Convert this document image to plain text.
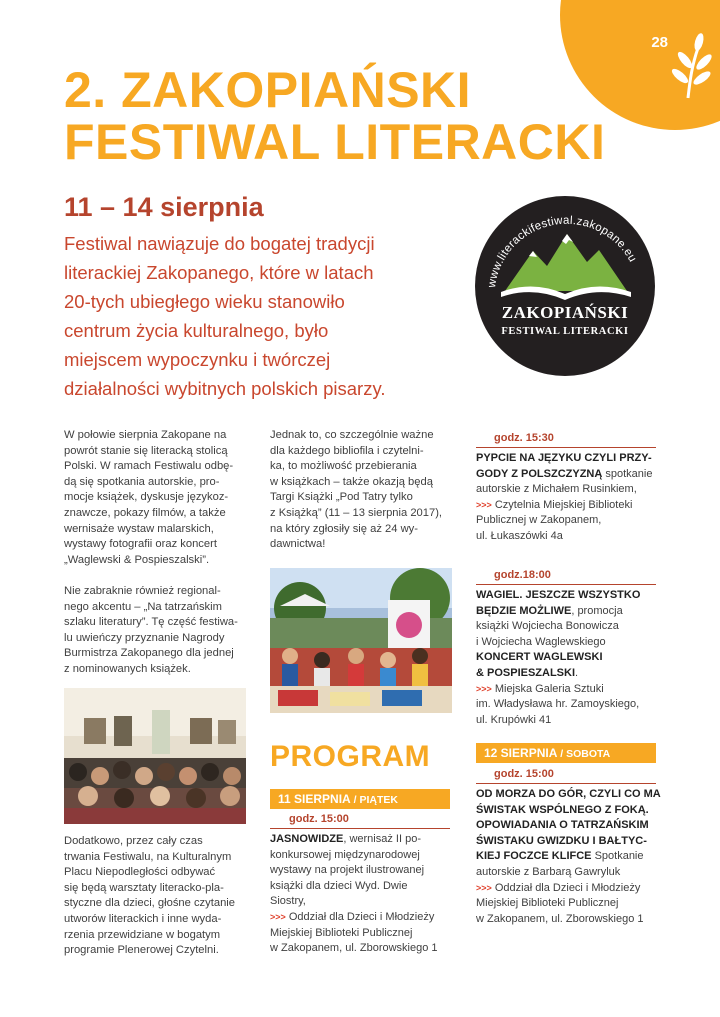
28
2. ZAKOPIAŃSKI
FESTIWAL LITERACKI
11 – 14 sierpnia
Festiwal nawiązuje do bogatej tradycji
literackiej Zakopanego, które w latach
20-tych ubiegłego wieku stanowiło
centrum życia kulturalnego, było
miejscem wypoczynku i twórczej
działalności wybitnych polskich pisarzy.
www.literackifestiwal.zakopane.eu
ZAKOPIAŃSKI
FESTIWAL LITERACKI
W połowie sierpnia Zakopane na
powrót stanie się literacką stolicą
Polski. W ramach Festiwalu odbę-
dą się spotkania autorskie, pro-
mocje książek, dyskusje językoz-
znawcze, pokazy filmów, a także
wernisaże wystaw malarskich,
wystawy fotografii oraz koncert
„Waglewski & Pospieszalski”.
Nie zabraknie również regional-
nego akcentu – „Na tatrzańskim
szlaku literatury”. Tę część festiwa-
lu uwieńczy przyznanie Nagrody
Burmistrza Zakopanego dla jednej
z nominowanych książek.
Dodatkowo, przez cały czas
trwania Festiwalu, na Kulturalnym
Placu Niepodległości odbywać
się będą warsztaty literacko-pla-
styczne dla dzieci, głośne czytanie
utworów literackich i inne wyda-
rzenia przewidziane w bogatym
programie Plenerowej Czytelni.
Jednak to, co szczególnie ważne
dla każdego bibliofila i czytelni-
ka, to możliwość przebierania
w książkach – także okazją będą
Targi Książki „Pod Tatry tylko
z Książką” (11 – 13 sierpnia 2017),
na który zgłosiły się aż 24 wy-
dawnictwa!
PROGRAM
11 SIERPNIA / PIĄTEK
godz. 15:00
JASNOWIDZE, wernisaż II po-
konkursowej międzynarodowej
wystawy na projekt ilustrowanej
książki dla dzieci Wyd. Dwie
Siostry,
>>> Oddział dla Dzieci i Młodzieży
Miejskiej Biblioteki Publicznej
w Zakopanem, ul. Zborowskiego 1
godz. 15:30
PYPCIE NA JĘZYKU CZYLI PRZY-
GODY Z POLSZCZYZNĄ spotkanie
autorskie z Michałem Rusinkiem,
>>> Czytelnia Miejskiej Biblioteki
Publicznej w Zakopanem,
ul. Łukaszówki 4a
godz.18:00
WAGIEL. JESZCZE WSZYSTKO
BĘDZIE MOŻLIWE, promocja
książki Wojciecha Bonowicza
i Wojciecha Waglewskiego
KONCERT WAGLEWSKI
& POSPIESZALSKI.
>>> Miejska Galeria Sztuki
im. Władysława hr. Zamoyskiego,
ul. Krupówki 41
12 SIERPNIA / SOBOTA
godz. 15:00
OD MORZA DO GÓR, CZYLI CO MA
ŚWISTAK WSPÓLNEGO Z FOKĄ.
OPOWIADANIA O TATRZAŃSKIM
ŚWISTAKU GWIZDKU I BAŁTYC-
KIEJ FOCZCE KLIFCE Spotkanie
autorskie z Barbarą Gawryluk
>>> Oddział dla Dzieci i Młodzieży
Miejskiej Biblioteki Publicznej
w Zakopanem, ul. Zborowskiego 1
